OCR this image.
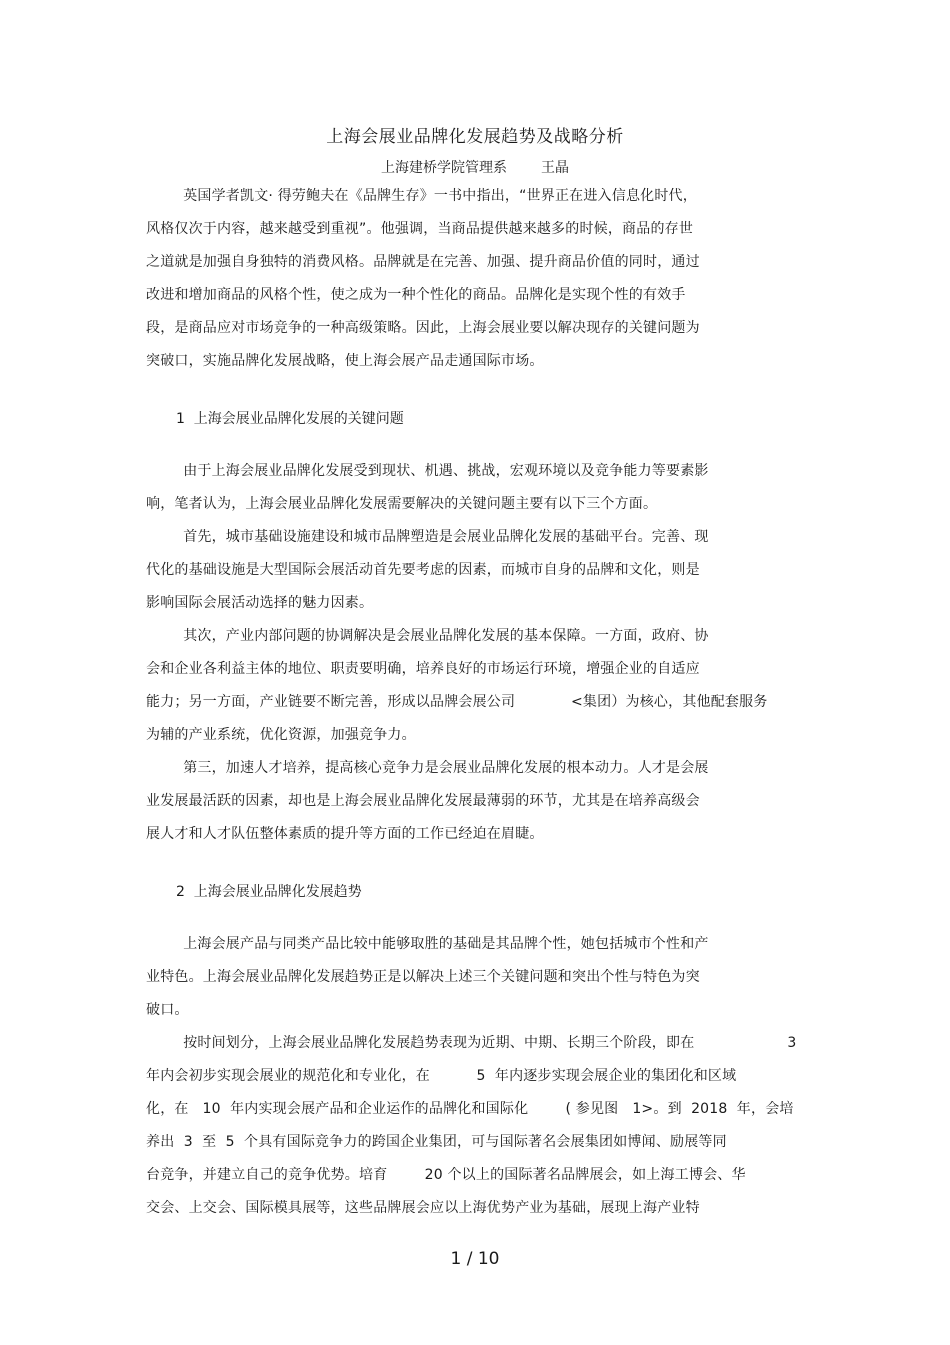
上海会展业品牌化发展趋势及战略分析
上海建桥学院管理系 王晶
英国学者凯文· 得劳鲍夫在《品牌生存》一书中指出，“世界正在进入信息化时代，
风格仅次于内容，越来越受到重视”。他强调，当商品提供越来越多的时候，商品的存世
之道就是加强自身独特的消费风格。品牌就是在完善、加强、提升商品价值的同时，通过
改进和增加商品的风格个性，使之成为一种个性化的商品。品牌化是实现个性的有效手
段，是商品应对市场竞争的一种高级策略。因此，上海会展业要以解决现存的关键问题为
突破口，实施品牌化发展战略，使上海会展产品走通国际市场。
1  上海会展业品牌化发展的关键问题
由于上海会展业品牌化发展受到现状、机遇、挑战，宏观环境以及竞争能力等要素影
响，笔者认为，上海会展业品牌化发展需要解决的关键问题主要有以下三个方面。
首先，城市基础设施建设和城市品牌塑造是会展业品牌化发展的基础平台。完善、现
代化的基础设施是大型国际会展活动首先要考虑的因素，而城市自身的品牌和文化，则是
影响国际会展活动选择的魅力因素。
其次，产业内部问题的协调解决是会展业品牌化发展的基本保障。一方面，政府、协
会和企业各利益主体的地位、职责要明确，培养良好的市场运行环境，增强企业的自适应
能力；另一方面，产业链要不断完善，形成以品牌会展公司            <集团）为核心，其他配套服务
为辅的产业系统，优化资源，加强竞争力。
第三，加速人才培养，提高核心竞争力是会展业品牌化发展的根本动力。人才是会展
业发展最活跃的因素，却也是上海会展业品牌化发展最薄弱的环节，尤其是在培养高级会
展人才和人才队伍整体素质的提升等方面的工作已经迫在眉睫。
2  上海会展业品牌化发展趋势
上海会展产品与同类产品比较中能够取胜的基础是其品牌个性，她包括城市个性和产
业特色。上海会展业品牌化发展趋势正是以解决上述三个关键问题和突出个性与特色为突
破口。
按时间划分，上海会展业品牌化发展趋势表现为近期、中期、长期三个阶段，即在                    3
年内会初步实现会展业的规范化和专业化，在          5  年内逐步实现会展企业的集团化和区域
化，在   10  年内实现会展产品和企业运作的品牌化和国际化        ( 参见图   1>。到  2018  年，会培
养出  3  至  5  个具有国际竞争力的跨国企业集团，可与国际著名会展集团如博闻、励展等同
台竞争，并建立自己的竞争优势。培育        20 个以上的国际著名品牌展会，如上海工博会、华
交会、上交会、国际模具展等，这些品牌展会应以上海优势产业为基础，展现上海产业特
1 / 10
